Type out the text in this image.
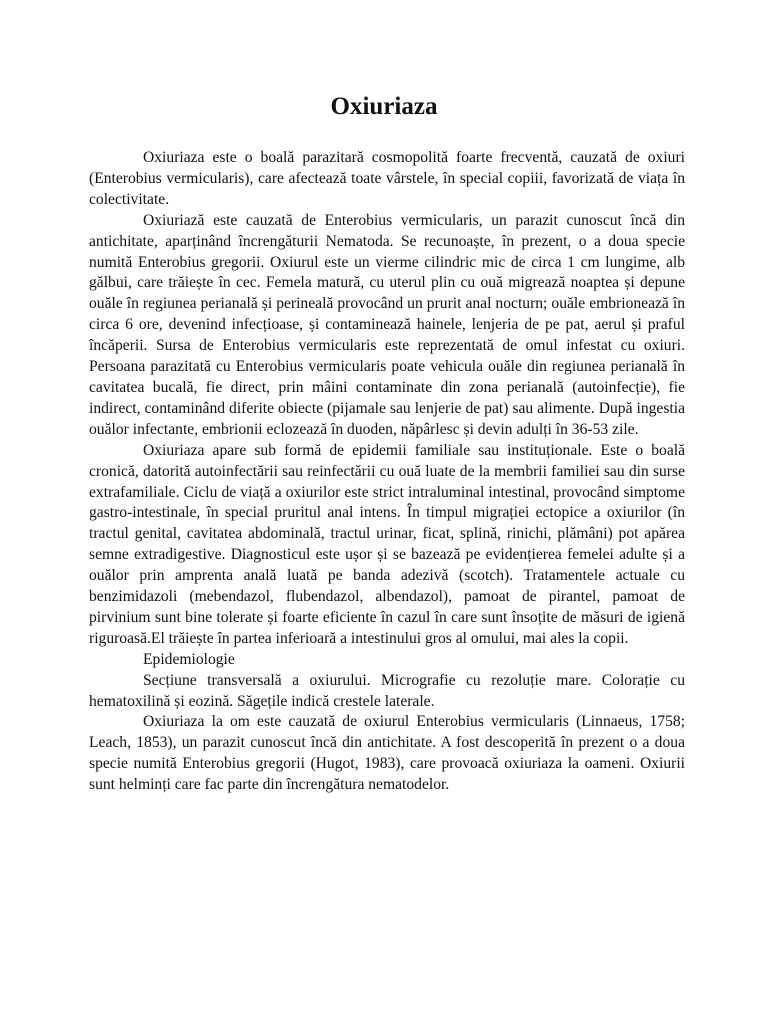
Oxiuriaza

Oxiuriaza este o boală parazitară cosmopolită foarte frecventă, cauzată de oxiuri (Enterobius vermicularis), care afectează toate vârstele, în special copiii, favorizată de viața în colectivitate.

Oxiuriază este cauzată de Enterobius vermicularis, un parazit cunoscut încă din antichitate, aparținând încrengăturii Nematoda. Se recunoaște, în prezent, o a doua specie numită Enterobius gregorii. Oxiurul este un vierme cilindric mic de circa 1 cm lungime, alb gălbui, care trăiește în cec. Femela matură, cu uterul plin cu ouă migrează noaptea și depune ouăle în regiunea perianală și perineală provocând un prurit anal nocturn; ouăle embrionează în circa 6 ore, devenind infecțioase, și contaminează hainele, lenjeria de pe pat, aerul și praful încăperii. Sursa de Enterobius vermicularis este reprezentată de omul infestat cu oxiuri. Persoana parazitată cu Enterobius vermicularis poate vehicula ouăle din regiunea perianală în cavitatea bucală, fie direct, prin mâini contaminate din zona perianală (autoinfecție), fie indirect, contaminând diferite obiecte (pijamale sau lenjerie de pat) sau alimente. După ingestia ouălor infectante, embrionii eclozează în duoden, năpârlesc și devin adulți în 36-53 zile.

Oxiuriaza apare sub formă de epidemii familiale sau instituționale. Este o boală cronică, datorită autoinfectării sau reinfectării cu ouă luate de la membrii familiei sau din surse extrafamiliale. Ciclu de viață a oxiurilor este strict intraluminal intestinal, provocând simptome gastro-intestinale, în special pruritul anal intens. În timpul migrației ectopice a oxiurilor (în tractul genital, cavitatea abdominală, tractul urinar, ficat, splină, rinichi, plămâni) pot apărea semne extradigestive. Diagnosticul este ușor și se bazează pe evidențierea femelei adulte și a ouălor prin amprenta anală luată pe banda adezivă (scotch). Tratamentele actuale cu benzimidazoli (mebendazol, flubendazol, albendazol), pamoat de pirantel, pamoat de pirvinium sunt bine tolerate și foarte eficiente în cazul în care sunt însoțite de măsuri de igienă riguroasă.El trăiește în partea inferioară a intestinului gros al omului, mai ales la copii.

Epidemiologie

Secțiune transversală a oxiurului. Micrografie cu rezoluție mare. Colorație cu hematoxilină și eozină. Săgețile indică crestele laterale.

Oxiuriaza la om este cauzată de oxiurul Enterobius vermicularis (Linnaeus, 1758; Leach, 1853), un parazit cunoscut încă din antichitate. A fost descoperită în prezent o a doua specie numită Enterobius gregorii (Hugot, 1983), care provoacă oxiuriaza la oameni. Oxiurii sunt helminți care fac parte din încrengătura nematodelor.
